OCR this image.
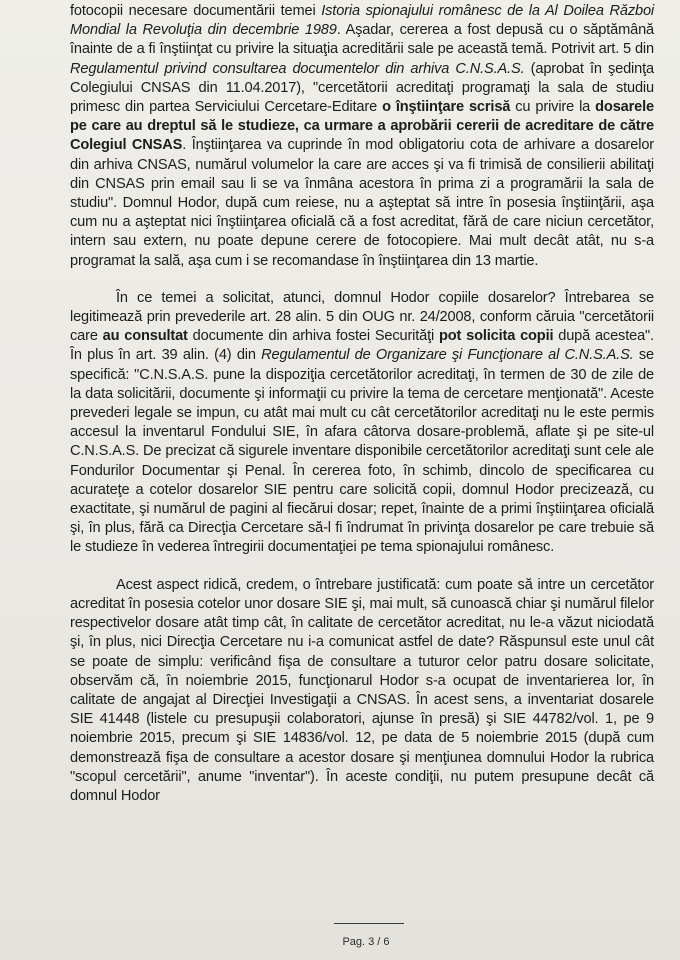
fotocopii necesare documentării temei Istoria spionajului românesc de la Al Doilea Război Mondial la Revoluţia din decembrie 1989. Aşadar, cererea a fost depusă cu o săptămână înainte de a fi înştiinţat cu privire la situaţia acreditării sale pe această temă. Potrivit art. 5 din Regulamentul privind consultarea documentelor din arhiva C.N.S.A.S. (aprobat în şedinţa Colegiului CNSAS din 11.04.2017), "cercetătorii acreditaţi programaţi la sala de studiu primesc din partea Serviciului Cercetare-Editare o înştiinţare scrisă cu privire la dosarele pe care au dreptul să le studieze, ca urmare a aprobării cererii de acreditare de către Colegiul CNSAS. Înştiinţarea va cuprinde în mod obligatoriu cota de arhivare a dosarelor din arhiva CNSAS, numărul volumelor la care are acces şi va fi trimisă de consilierii abilitaţi din CNSAS prin email sau li se va înmâna acestora în prima zi a programării la sala de studiu". Domnul Hodor, după cum reiese, nu a aşteptat să intre în posesia înştiinţării, aşa cum nu a aşteptat nici înştiinţarea oficială că a fost acreditat, fără de care niciun cercetător, intern sau extern, nu poate depune cerere de fotocopiere. Mai mult decât atât, nu s-a programat la sală, aşa cum i se recomandase în înştiinţarea din 13 martie.

În ce temei a solicitat, atunci, domnul Hodor copiile dosarelor? Întrebarea se legitimează prin prevederile art. 28 alin. 5 din OUG nr. 24/2008, conform căruia "cercetătorii care au consultat documente din arhiva fostei Securităţi pot solicita copii după acestea". În plus în art. 39 alin. (4) din Regulamentul de Organizare şi Funcţionare al C.N.S.A.S. se specifică: "C.N.S.A.S. pune la dispoziţia cercetătorilor acreditaţi, în termen de 30 de zile de la data solicitării, documente şi informaţii cu privire la tema de cercetare menţionată". Aceste prevederi legale se impun, cu atât mai mult cu cât cercetătorilor acreditaţi nu le este permis accesul la inventarul Fondului SIE, în afara câtorva dosare-problemă, aflate şi pe site-ul C.N.S.A.S. De precizat că sigurele inventare disponibile cercetătorilor acreditaţi sunt cele ale Fondurilor Documentar şi Penal. În cererea foto, în schimb, dincolo de specificarea cu acurateţe a cotelor dosarelor SIE pentru care solicită copii, domnul Hodor precizează, cu exactitate, şi numărul de pagini al fiecărui dosar; repet, înainte de a primi înştiinţarea oficială şi, în plus, fără ca Direcţia Cercetare să-l fi îndrumat în privinţa dosarelor pe care trebuie să le studieze în vederea întregirii documentaţiei pe tema spionajului românesc.

Acest aspect ridică, credem, o întrebare justificată: cum poate să intre un cercetător acreditat în posesia cotelor unor dosare SIE şi, mai mult, să cunoască chiar şi numărul filelor respectivelor dosare atât timp cât, în calitate de cercetător acreditat, nu le-a văzut niciodată şi, în plus, nici Direcţia Cercetare nu i-a comunicat astfel de date? Răspunsul este unul cât se poate de simplu: verificând fişa de consultare a tuturor celor patru dosare solicitate, observăm că, în noiembrie 2015, funcţionarul Hodor s-a ocupat de inventarierea lor, în calitate de angajat al Direcţiei Investigaţii a CNSAS. În acest sens, a inventariat dosarele SIE 41448 (listele cu presupuşii colaboratori, ajunse în presă) şi SIE 44782/vol. 1, pe 9 noiembrie 2015, precum şi SIE 14836/vol. 12, pe data de 5 noiembrie 2015 (după cum demonstrează fişa de consultare a acestor dosare şi menţiunea domnului Hodor la rubrica "scopul cercetării", anume "inventar"). În aceste condiţii, nu putem presupune decât că domnul Hodor

Pag. 3 / 6
